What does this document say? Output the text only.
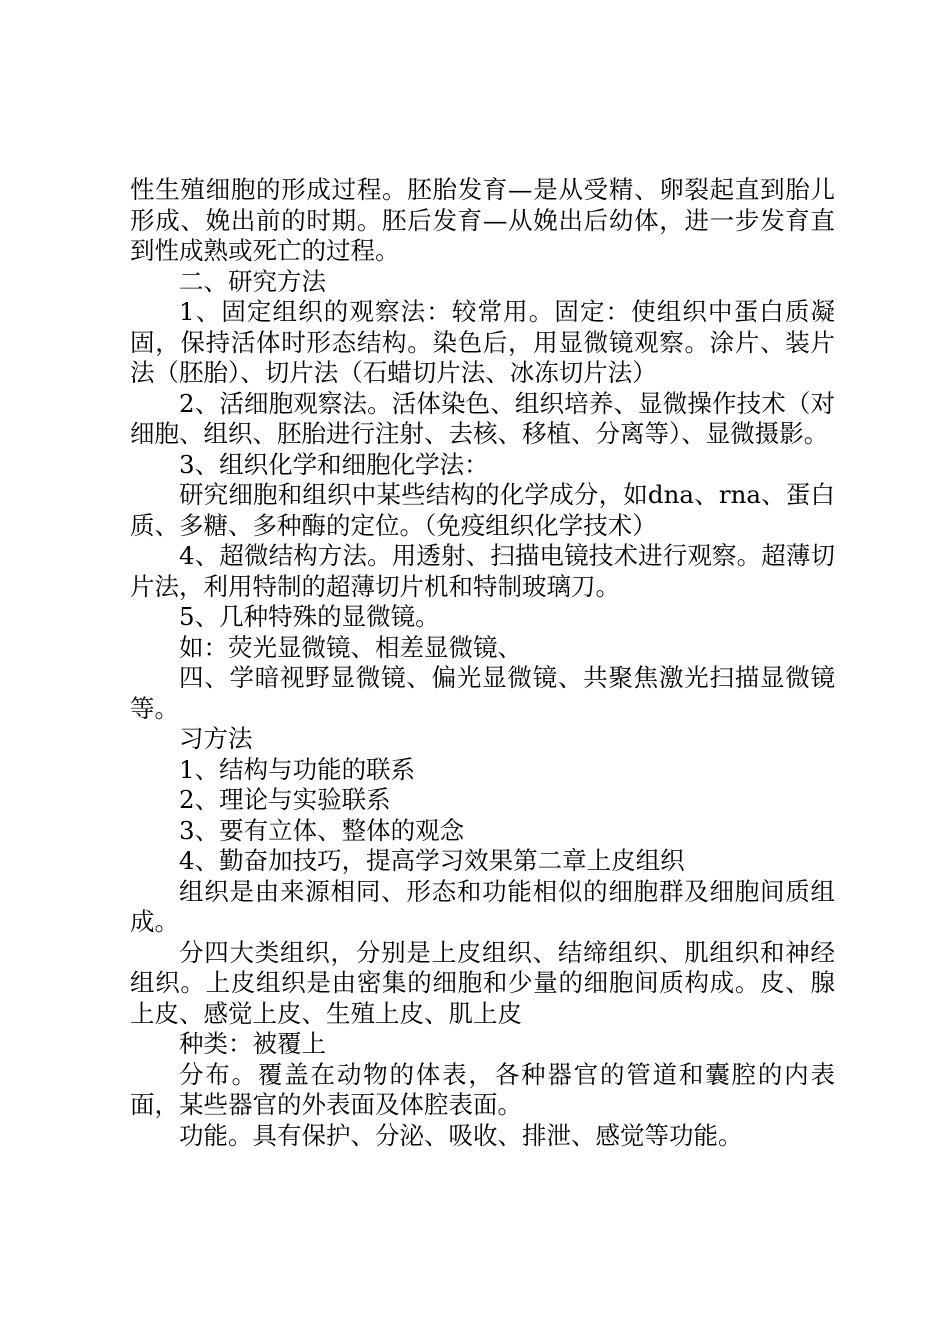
性生殖细胞的形成过程。胚胎发育—是从受精、卵裂起直到胎儿形成、娩出前的时期。胚后发育—从娩出后幼体，进一步发育直到性成熟或死亡的过程。

二、研究方法

1、固定组织的观察法：较常用。固定：使组织中蛋白质凝固，保持活体时形态结构。染色后，用显微镜观察。涂片、装片法（胚胎）、切片法（石蜡切片法、冰冻切片法）

2、活细胞观察法。活体染色、组织培养、显微操作技术（对细胞、组织、胚胎进行注射、去核、移植、分离等）、显微摄影。

3、组织化学和细胞化学法：

研究细胞和组织中某些结构的化学成分，如dna、rna、蛋白质、多糖、多种酶的定位。（免疫组织化学技术）

4、超微结构方法。用透射、扫描电镜技术进行观察。超薄切片法，利用特制的超薄切片机和特制玻璃刀。

5、几种特殊的显微镜。

如：荧光显微镜、相差显微镜、

四、学暗视野显微镜、偏光显微镜、共聚焦激光扫描显微镜等。

习方法

1、结构与功能的联系

2、理论与实验联系

3、要有立体、整体的观念

4、勤奋加技巧，提高学习效果第二章上皮组织

组织是由来源相同、形态和功能相似的细胞群及细胞间质组成。

分四大类组织，分别是上皮组织、结缔组织、肌组织和神经组织。上皮组织是由密集的细胞和少量的细胞间质构成。皮、腺上皮、感觉上皮、生殖上皮、肌上皮

种类：被覆上

分布。覆盖在动物的体表，各种器官的管道和囊腔的内表面，某些器官的外表面及体腔表面。

功能。具有保护、分泌、吸收、排泄、感觉等功能。
